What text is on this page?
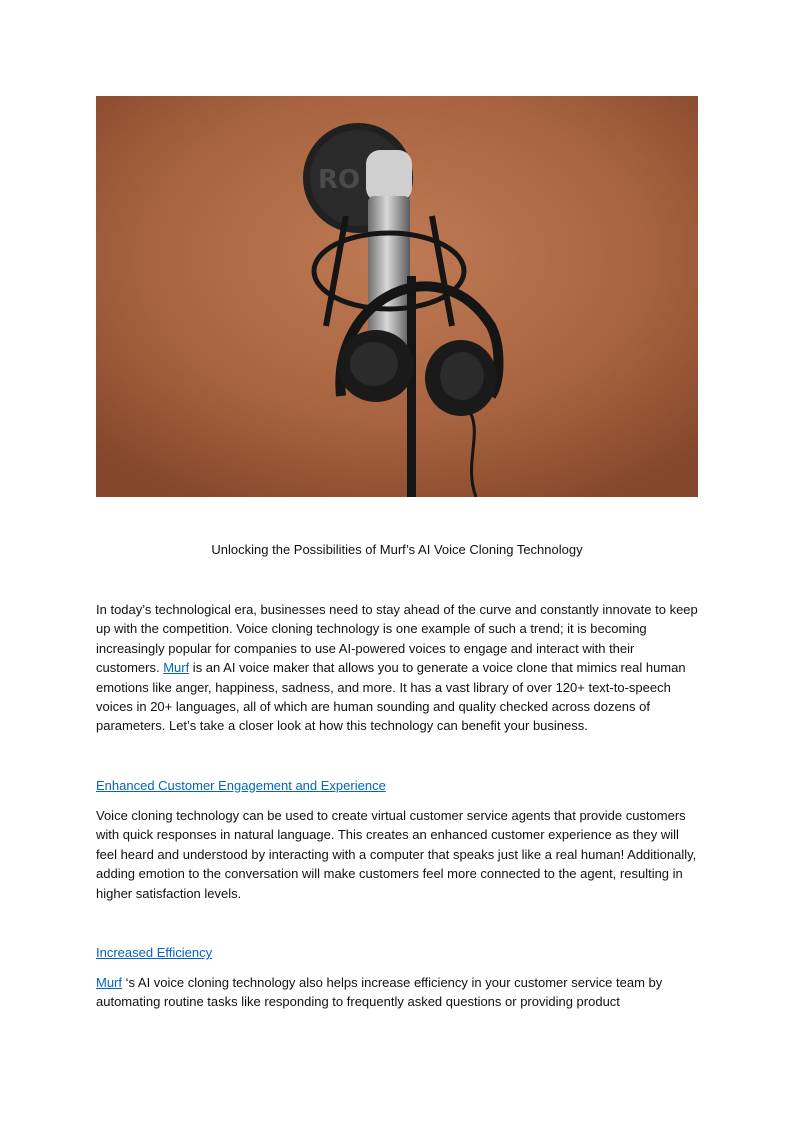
RO
Unlocking the Possibilities of Murf’s AI Voice Cloning Technology

In today’s technological era, businesses need to stay ahead of the curve and constantly innovate to keep up with the competition. Voice cloning technology is one example of such a trend; it is becoming increasingly popular for companies to use AI-powered voices to engage and interact with their customers. Murf is an AI voice maker that allows you to generate a voice clone that mimics real human emotions like anger, happiness, sadness, and more. It has a vast library of over 120+ text-to-speech voices in 20+ languages, all of which are human sounding and quality checked across dozens of parameters. Let’s take a closer look at how this technology can benefit your business.

Enhanced Customer Engagement and Experience

Voice cloning technology can be used to create virtual customer service agents that provide customers with quick responses in natural language. This creates an enhanced customer experience as they will feel heard and understood by interacting with a computer that speaks just like a real human! Additionally, adding emotion to the conversation will make customers feel more connected to the agent, resulting in higher satisfaction levels.

Increased Efficiency

Murf ‘s AI voice cloning technology also helps increase efficiency in your customer service team by automating routine tasks like responding to frequently asked questions or providing product
